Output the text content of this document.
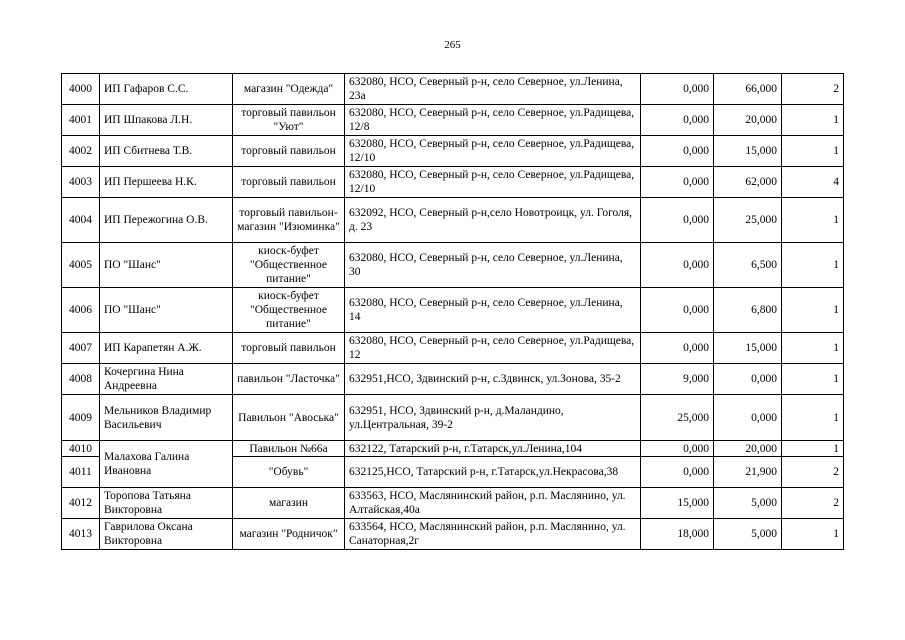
265
4000	ИП Гафаров С.С.	магазин "Одежда"	632080, НСО, Северный р-н, село Северное, ул.Ленина, 23а	0,000	66,000	2
4001	ИП Шпакова Л.Н.	торговый павильон "Уют"	632080, НСО, Северный р-н, село Северное, ул.Радищева, 12/8	0,000	20,000	1
4002	ИП Сбитнева Т.В.	торговый павильон	632080, НСО, Северный р-н, село Северное, ул.Радищева, 12/10	0,000	15,000	1
4003	ИП Першеева Н.К.	торговый павильон	632080, НСО, Северный р-н, село Северное, ул.Радищева, 12/10	0,000	62,000	4
4004	ИП Пережогина О.В.	торговый павильон-магазин "Изюминка"	632092, НСО, Северный р-н,село Новотроицк, ул. Гоголя, д. 23	0,000	25,000	1
4005	ПО "Шанс"	киоск-буфет "Общественное питание"	632080, НСО, Северный р-н, село Северное, ул.Ленина, 30	0,000	6,500	1
4006	ПО "Шанс"	киоск-буфет "Общественное питание"	632080, НСО, Северный р-н, село Северное, ул.Ленина, 14	0,000	6,800	1
4007	ИП Карапетян А.Ж.	торговый павильон	632080, НСО, Северный р-н, село Северное, ул.Радищева, 12	0,000	15,000	1
4008	Кочергина Нина Андреевна	павильон "Ласточка"	632951,НСО, Здвинский р-н, с.Здвинск, ул.Зонова, 35-2	9,000	0,000	1
4009	Мельников Владимир Васильевич	Павильон "Авоська"	632951, НСО, Здвинский р-н, д.Маландино, ул.Центральная, 39-2	25,000	0,000	1
4010	Малахова Галина Ивановна	Павильон №66а	632122, Татарский р-н, г.Татарск,ул.Ленина,104	0,000	20,000	1
4011		"Обувь"	632125,НСО, Татарский р-н, г.Татарск,ул.Некрасова,38	0,000	21,900	2
4012	Торопова Татьяна Викторовна	магазин	633563, НСО, Маслянинский район, р.п. Маслянино, ул. Алтайская,40а	15,000	5,000	2
4013	Гаврилова Оксана Викторовна	магазин "Родничок"	633564, НСО, Маслянинский район, р.п. Маслянино, ул. Санаторная,2г	18,000	5,000	1
